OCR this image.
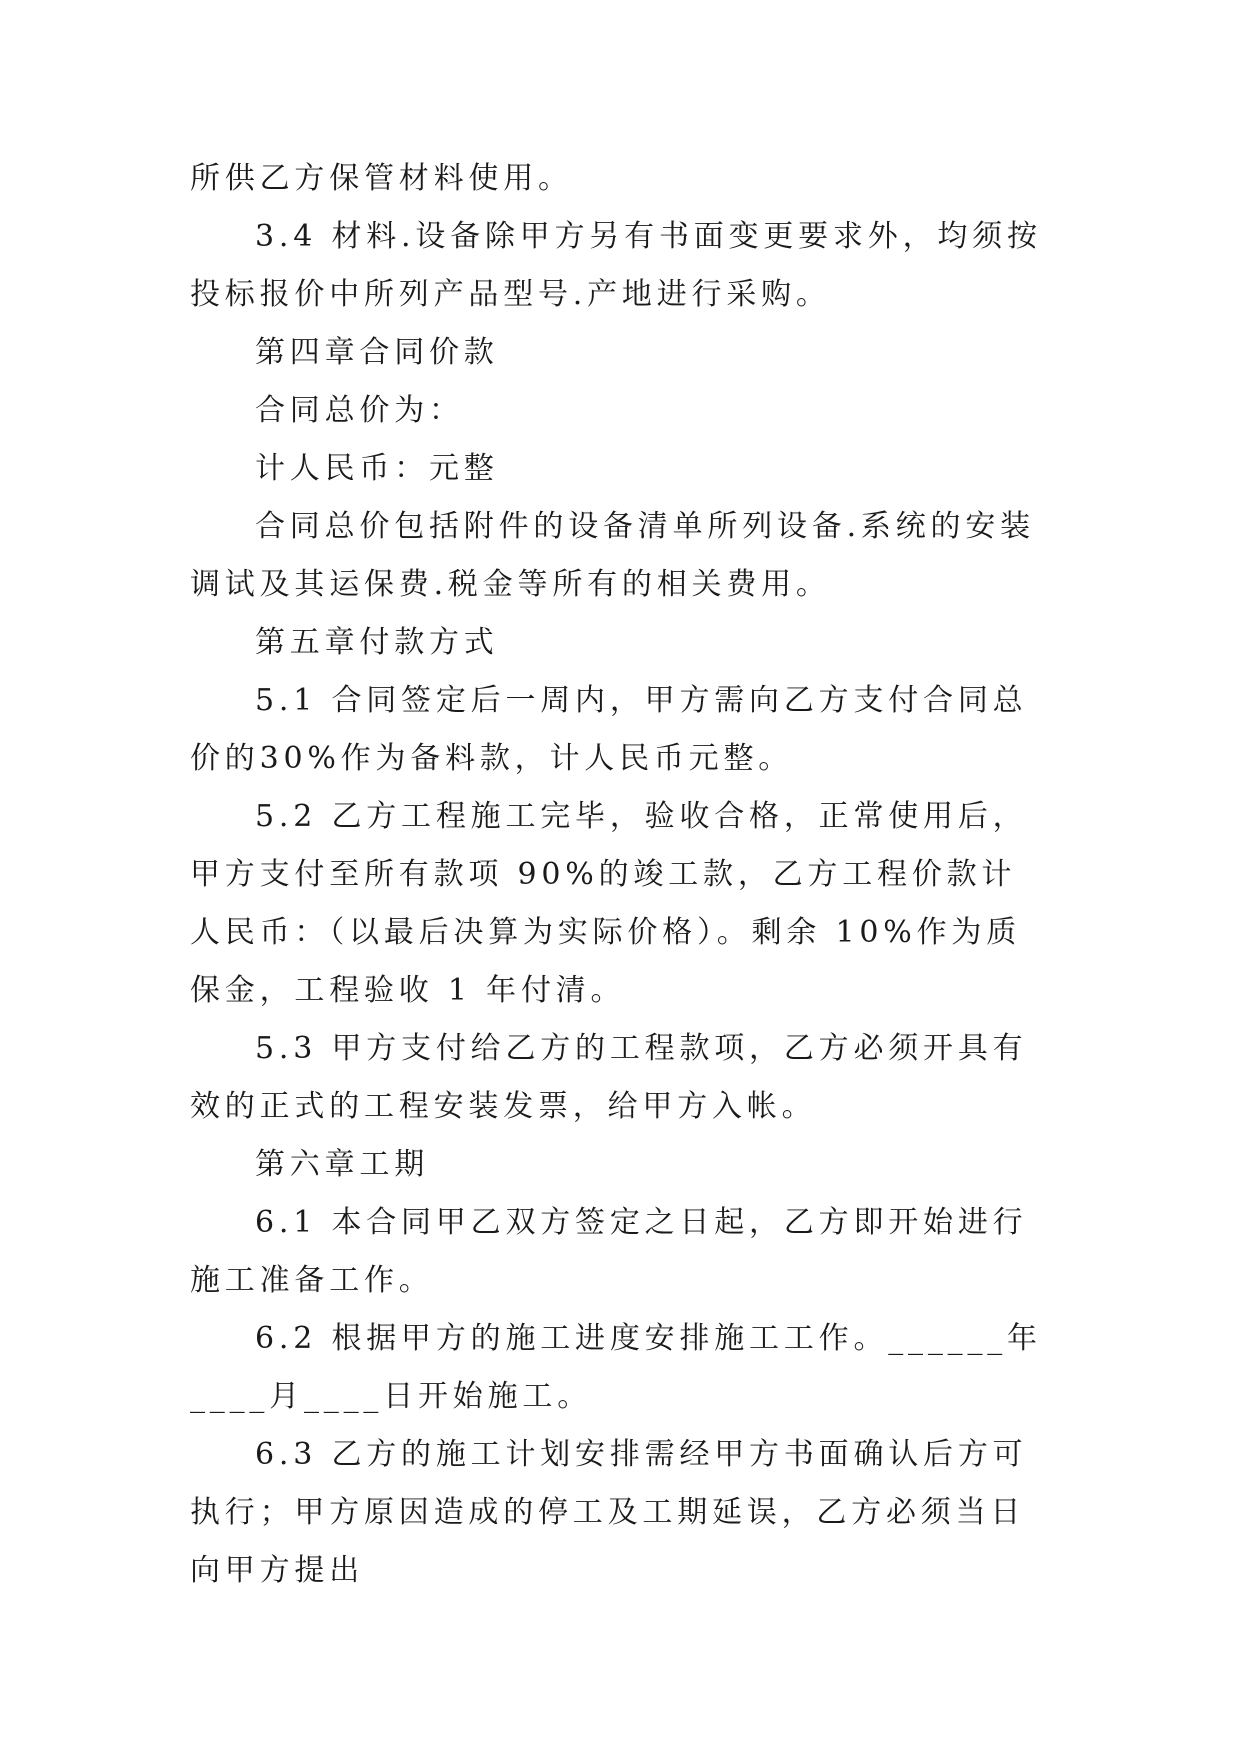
所供乙方保管材料使用。

3.4 材料.设备除甲方另有书面变更要求外，均须按投标报价中所列产品型号.产地进行采购。

第四章合同价款

合同总价为：

计人民币：元整

合同总价包括附件的设备清单所列设备.系统的安装调试及其运保费.税金等所有的相关费用。

第五章付款方式

5.1 合同签定后一周内，甲方需向乙方支付合同总价的30%作为备料款，计人民币元整。

5.2 乙方工程施工完毕，验收合格，正常使用后，甲方支付至所有款项 90%的竣工款，乙方工程价款计人民币：（以最后决算为实际价格）。剩余 10%作为质保金，工程验收 1 年付清。

5.3 甲方支付给乙方的工程款项，乙方必须开具有效的正式的工程安装发票，给甲方入帐。

第六章工期

6.1 本合同甲乙双方签定之日起，乙方即开始进行施工准备工作。

6.2 根据甲方的施工进度安排施工工作。______年____月____日开始施工。

6.3 乙方的施工计划安排需经甲方书面确认后方可执行；甲方原因造成的停工及工期延误，乙方必须当日向甲方提出
